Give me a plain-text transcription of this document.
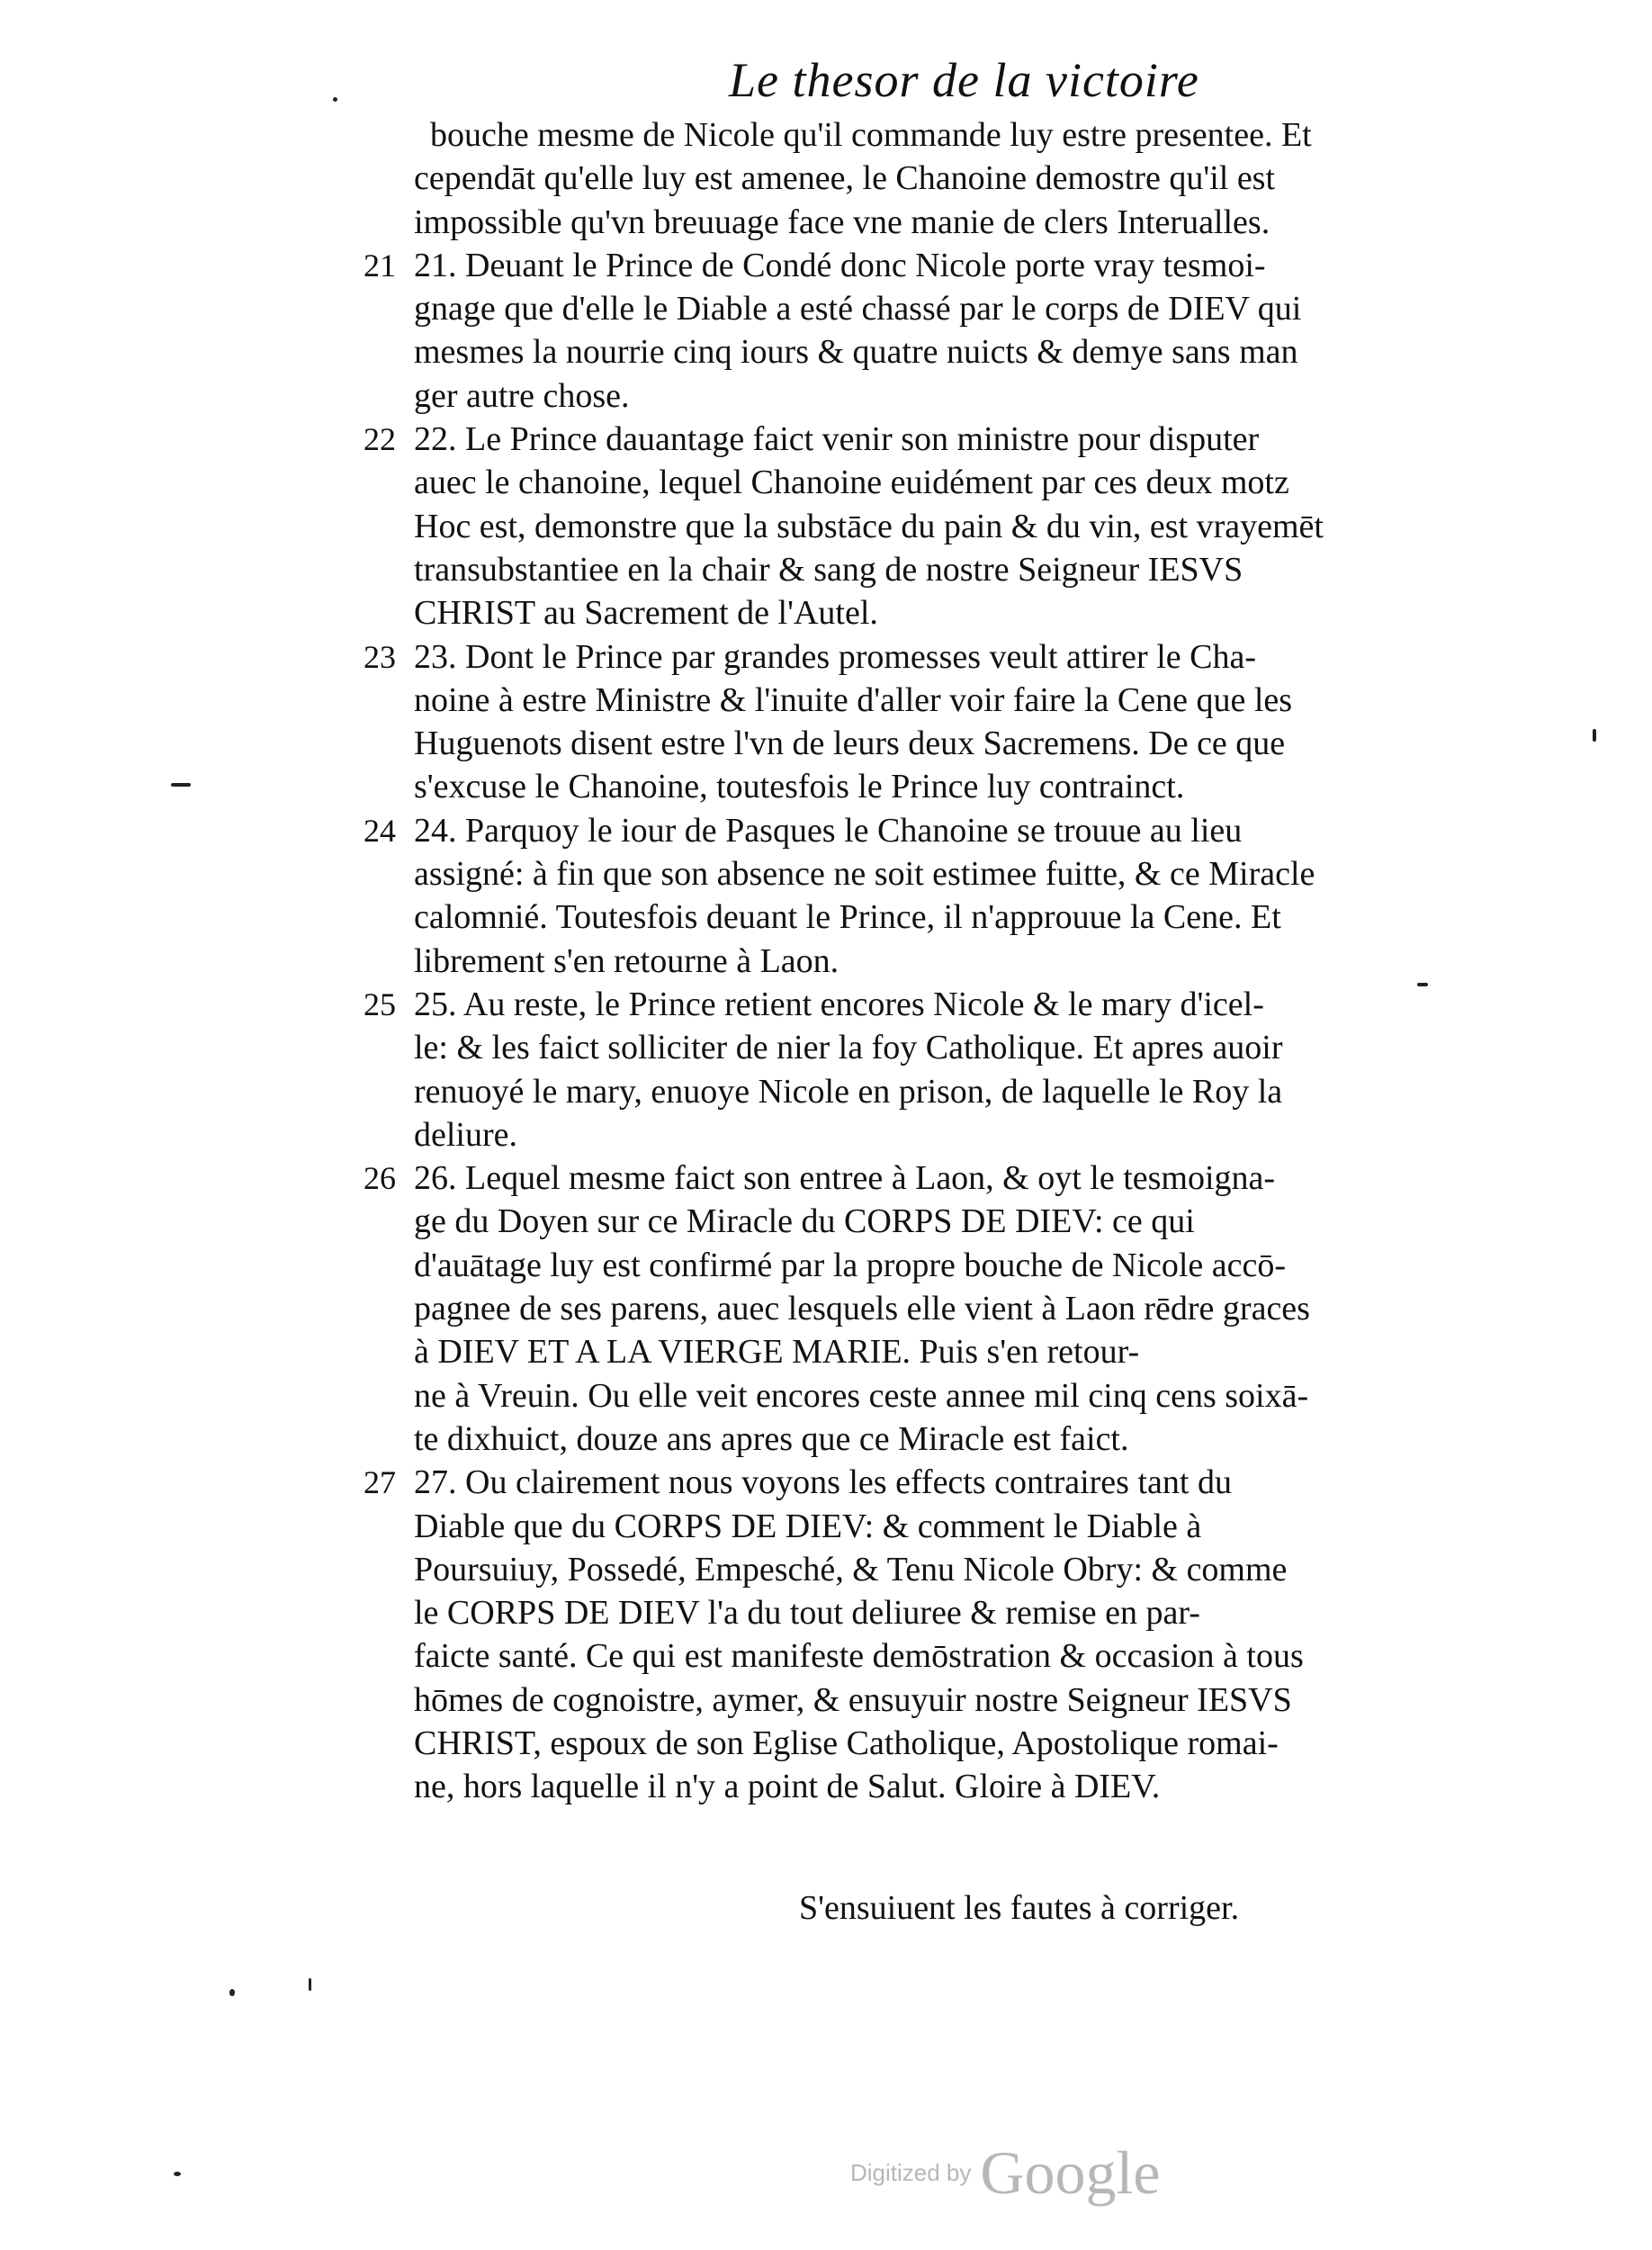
Le thesor de la victoire
bouche mesme de Nicole qu'il commande luy estre presentee. Et
cependāt qu'elle luy est amenee, le Chanoine demostre qu'il est
impossible qu'vn breuuage face vne manie de clers Interualles.
21 21. Deuant le Prince de Condé donc Nicole porte vray tesmoi-
gnage que d'elle le Diable a esté chassé par le corps de DIEV qui
mesmes la nourrie cinq iours & quatre nuicts & demye sans man
ger autre chose.
22 22. Le Prince dauantage faict venir son ministre pour disputer
auec le chanoine, lequel Chanoine euidément par ces deux motz
Hoc est, demonstre que la substāce du pain & du vin, est vrayemēt
transubstantiee en la chair & sang de nostre Seigneur IESVS
CHRIST au Sacrement de l'Autel.
23 23. Dont le Prince par grandes promesses veult attirer le Cha-
noine à estre Ministre & l'inuite d'aller voir faire la Cene que les
Huguenots disent estre l'vn de leurs deux Sacremens. De ce que
s'excuse le Chanoine, toutesfois le Prince luy contrainct.
24 24. Parquoy le iour de Pasques le Chanoine se trouue au lieu
assigné: à fin que son absence ne soit estimee fuitte, & ce Miracle
calomnié. Toutesfois deuant le Prince, il n'approuue la Cene. Et
librement s'en retourne à Laon.
25 25. Au reste, le Prince retient encores Nicole & le mary d'icel-
le: & les faict solliciter de nier la foy Catholique. Et apres auoir
renuoyé le mary, enuoye Nicole en prison, de laquelle le Roy la
deliure.
26 26. Lequel mesme faict son entree à Laon, & oyt le tesmoigna-
ge du Doyen sur ce Miracle du CORPS DE DIEV: ce qui
d'auātage luy est confirmé par la propre bouche de Nicole accō-
pagnee de ses parens, auec lesquels elle vient à Laon rēdre graces
à DIEV ET A LA VIERGE MARIE. Puis s'en retour-
ne à Vreuin. Ou elle veit encores ceste annee mil cinq cens soixā-
te dixhuict, douze ans apres que ce Miracle est faict.
27 27. Ou clairement nous voyons les effects contraires tant du
Diable que du CORPS DE DIEV: & comment le Diable à
Poursuiuy, Possedé, Empesché, & Tenu Nicole Obry: & comme
le CORPS DE DIEV l'a du tout deliuree & remise en par-
faicte santé. Ce qui est manifeste demōstration & occasion à tous
hōmes de cognoistre, aymer, & ensuyuir nostre Seigneur IESVS
CHRIST, espoux de son Eglise Catholique, Apostolique romai-
ne, hors laquelle il n'y a point de Salut. Gloire à DIEV.
S'ensuiuent les fautes à corriger.
Digitized by Google
